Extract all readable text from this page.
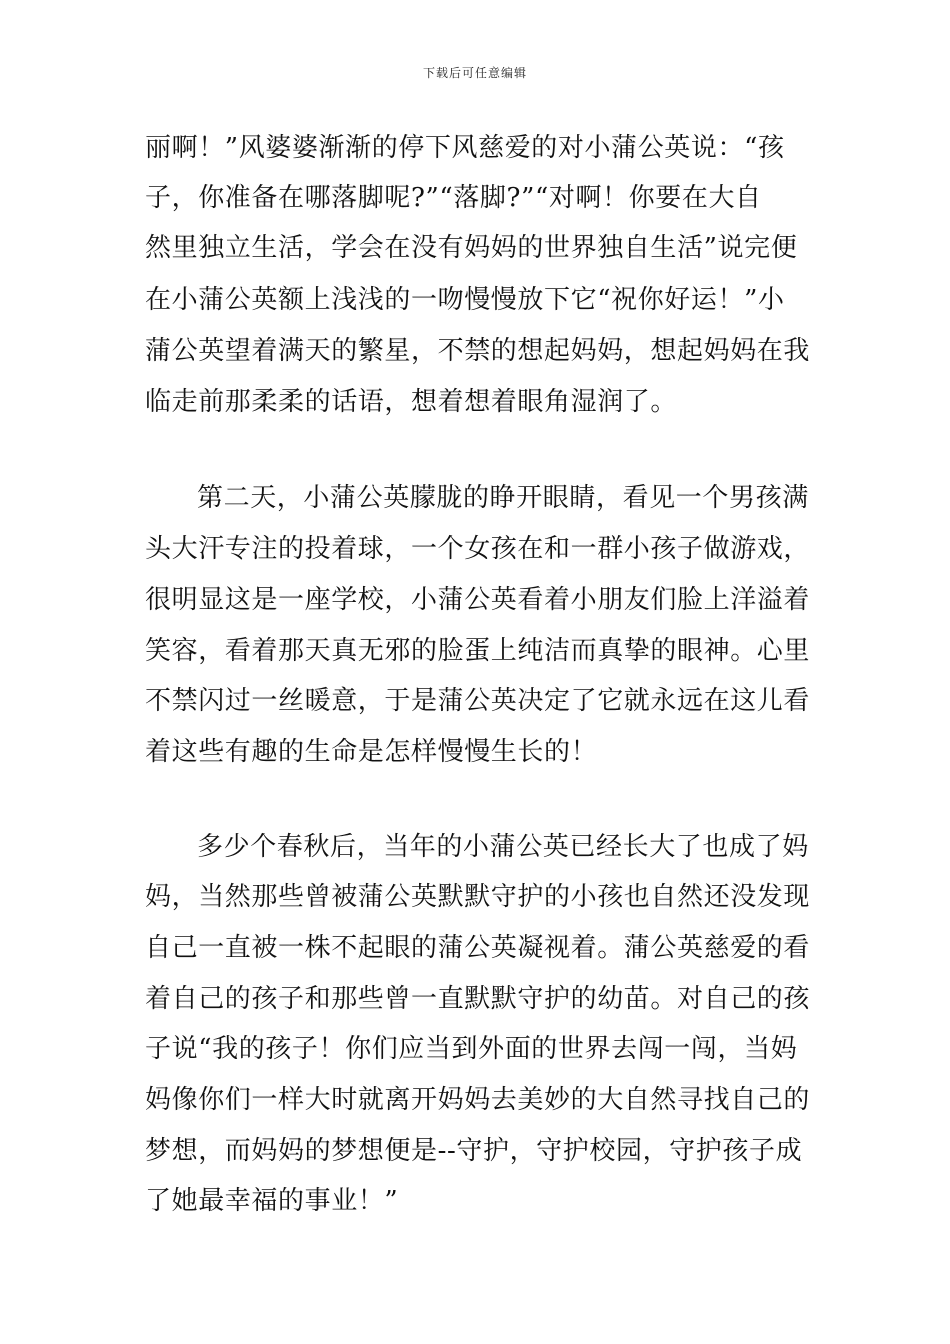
下载后可任意编辑
丽啊！”风婆婆渐渐的停下风慈爱的对小蒲公英说：“孩
子，你准备在哪落脚呢?”“落脚?”“对啊！你要在大自
然里独立生活，学会在没有妈妈的世界独自生活”说完便
在小蒲公英额上浅浅的一吻慢慢放下它“祝你好运！”小
蒲公英望着满天的繁星，不禁的想起妈妈，想起妈妈在我
临走前那柔柔的话语，想着想着眼角湿润了。
第二天，小蒲公英朦胧的睁开眼睛，看见一个男孩满
头大汗专注的投着球，一个女孩在和一群小孩子做游戏，
很明显这是一座学校，小蒲公英看着小朋友们脸上洋溢着
笑容，看着那天真无邪的脸蛋上纯洁而真挚的眼神。心里
不禁闪过一丝暖意，于是蒲公英决定了它就永远在这儿看
着这些有趣的生命是怎样慢慢生长的！
多少个春秋后，当年的小蒲公英已经长大了也成了妈
妈，当然那些曾被蒲公英默默守护的小孩也自然还没发现
自己一直被一株不起眼的蒲公英凝视着。蒲公英慈爱的看
着自己的孩子和那些曾一直默默守护的幼苗。对自己的孩
子说“我的孩子！你们应当到外面的世界去闯一闯，当妈
妈像你们一样大时就离开妈妈去美妙的大自然寻找自己的
梦想，而妈妈的梦想便是--守护，守护校园，守护孩子成
了她最幸福的事业！”
